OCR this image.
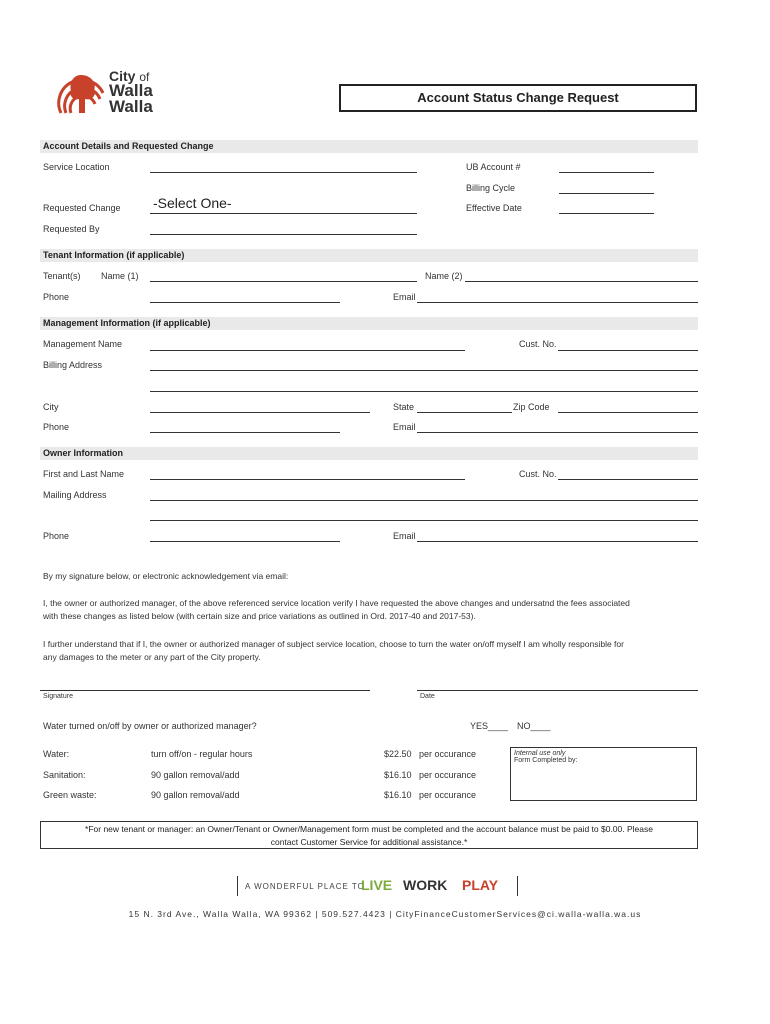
City of
Walla
Walla	Account Status Change Request
Account Details and Requested Change
Service Location	UB Account #
Billing Cycle
Requested Change -Select One-	Effective Date
Requested By
Tenant Information (if applicable)
Tenant(s) Name (1)	Name (2)
Phone	Email
Management Information (if applicable)
Management Name	Cust. No.
Billing Address
City	State	Zip Code
Phone	Email
Owner Information
First and Last Name	Cust. No.
Mailing Address
Phone	Email
By my signature below, or electronic acknowledgement via email:
I, the owner or authorized manager, of the above referenced service location verify I have requested the above changes and undersatnd the fees associated
with these changes as listed below (with certain size and price variations as outlined in Ord. 2017-40 and 2017-53).
I further understand that if I, the owner or authorized manager of subject service location, choose to turn the water on/off myself I am wholly responsible for
any damages to the meter or any part of the City property.
Signature	Date
Water turned on/off by owner or authorized manager?	YES____ NO____
Water:	turn off/on - regular hours	$22.50 per occurance
Sanitation:	90 gallon removal/add	$16.10 per occurance
Green waste:	90 gallon removal/add	$16.10 per occurance
Internal use only
Form Completed by:
*For new tenant or manager: an Owner/Tenant or Owner/Management form must be completed and the account balance must be paid to $0.00. Please
contact Customer Service for additional assistance.*
A WONDERFUL PLACE TO
LIVE WORK PLAY
15 N. 3rd Ave., Walla Walla, WA 99362 | 509.527.4423 | CityFinanceCustomerServices@ci.walla-walla.wa.us
